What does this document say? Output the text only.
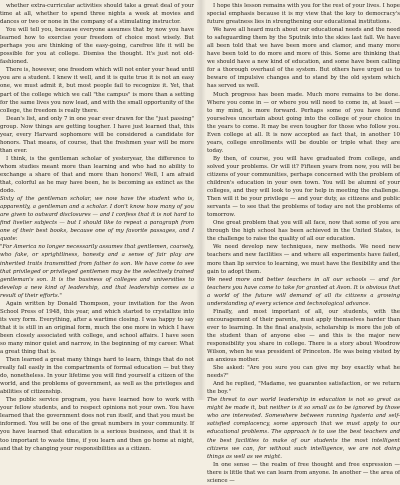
whether extra-curricular activities should take a great deal of your time at all, whether to spend three nights a week at movies and dances or two or none in the company of a stimulating instructor.

You will tell you, because everyone assumes that by now you have learned how to exercise your freedom of choice most wisely. But perhaps you are thinking of the easy-going, carefree life it will be possible for you at college. Dismiss the thought. It's just not old-fashioned.

There is, however, one freedom which will not enter your head until you are a student. I knew it well, and it is quite true it is not an easy one, we must admit it, but most people fail to recognize it. Yet, that part of the college which we call "the campus" is more than a setting for the same lives you now lead, and with the small opportunity of the college, the freedom is really there.

Dean's list, and only 7 in one year ever drawn for the "just passing" group. Now things are getting tougher. I have just learned that, this year, every Harvard sophomore will be considered a candidate for honors. That means, of course, that the freshmen year will be more than ever.

I think, is the gentleman scholar of yesteryear, the difference to whom studies meant more than learning and who had no ability to exchange a share of that and more than honors! Well, I am afraid that, colorful as he may have been, he is becoming as extinct as the dodo.

Sixty of the gentleman scholar, we now have the student who is, apparently, a gentleman and a scholar. I don't know how many of you are given to outward disclosures — and I confess that it is not hard to find livelier subjects — but I should like to repeat a paragraph from one of their best books, because one of my favorite passages, and I quote:

"For America no longer necessarily assumes that gentlemen, coarsely, who fake, or sprightliness, honesty and a sense of fair play are inherited traits transmitted from father to son. We have come to see that privileged or privileged gentlemen may be the selectively trained gentleman's son. It is the business of colleges and universities to develop a new kind of leadership, and that leadership comes as a result of their efforts."

Again written by Donald Thompson, your invitation for the Avon School Press of 1948, this year, and which started to crystallize into its very form. Everything, after a wartime closing. I was happy to say that it is still in an original form, much the one more in which I have been closely associated with college, and school affairs. I have seen so many minor quiet and narrow, in the beginning of my career. What a great thing that is.

Then learned a great many things hard to learn, things that do not really fall easily in the compartments of formal education — but they do, nonetheless. In your lifetime you will find yourself a citizen of the world, and the problems of government, as well as the privileges and abilities of citizenship.

The public service program, you have learned how to work with your fellow students, and to respect opinions not your own. You have learned that the government does not run itself, and that you must be informed. You will be one of the great numbers in your community. If you have learned that education is a serious business, and that it is too important to waste time, if you learn and then go home at night, and that by changing your responsibilities as a citizen.

I hope this lesson remains with you for the rest of your lives. I hope special emphasis because it is my view that the key to democracy's future greatness lies in strengthening our educational institutions.

We have all heard much about our educational needs and the need to safeguarding them by the Sputnik into the skies last fall. We have all been told that we have been more and clamor, and many more have been told to do more and more of this. Some are thinking that we should have a new kind of education, and some have been calling for a thorough overhaul of the system. But others have urged us to beware of impulsive changes and to stand by the old system which has served us well.

Much progress has been made. Much more remains to be done. Where you come in — or where you will need to come in, at least — to my mind, is more forward. Perhaps some of you have found yourselves uncertain about going into the college of your choice in the years to come. It may be even tougher for those who follow you. Even college at all. It is now accepted as fact that, in another 10 years, college enrollments will be double or triple what they are today.

By then, of course, you will have graduated from college, and solved your problems. Or will it? Fifteen years from now, you will be citizens of your communities, perhaps concerned with the problem of children's education in your own town. You will be alumni of your colleges, and they will look to you for help in meeting the challenge. Then will it be your privilege — and your duty, as citizens and public servants — to see that the problems of today are not the problems of tomorrow.

One great problem that you will all face, now that some of you are through the high school has been achieved in the United States, is the challenge to raise the quality of all our education.

We need develop new techniques, new methods. We need new teachers and new facilities — and where all experiments have failed, more than lip service to learning, we must have the flexibility and the gain to adopt them.

We need more and better teachers in all our schools — and for teachers you have come to take for granted at Avon. It is obvious that a world of the future will demand of all its citizens a growing understanding of every science and technological advance.

Finally, and most important of all, our students, with the encouragement of their parents, must apply themselves harder than ever to learning. In the final analysis, scholarship is more the job of the student than of anyone else — and this is the major new responsibility you share in college. There is a story about Woodrow Wilson, when he was president of Princeton. He was being visited by an anxious mother.

She asked: "Are you sure you can give my boy exactly what he needs?"

And he replied, "Madame, we guarantee satisfaction, or we return the boy."

The threat to our world leadership in education is not so great as might be made it, but neither is it so small as to be ignored by those who are interested. Somewhere between running hysteria and self-satisfied complacency, some approach that we must apply to our educational problems. The approach is to use the best teachers and the best facilities to make of our students the most intelligent citizens we can, for without such intelligence, we are not doing things as well as we might.

In one sense — the realm of free thought and free expression — there is little that we can learn from anyone. In another — the area of science —
